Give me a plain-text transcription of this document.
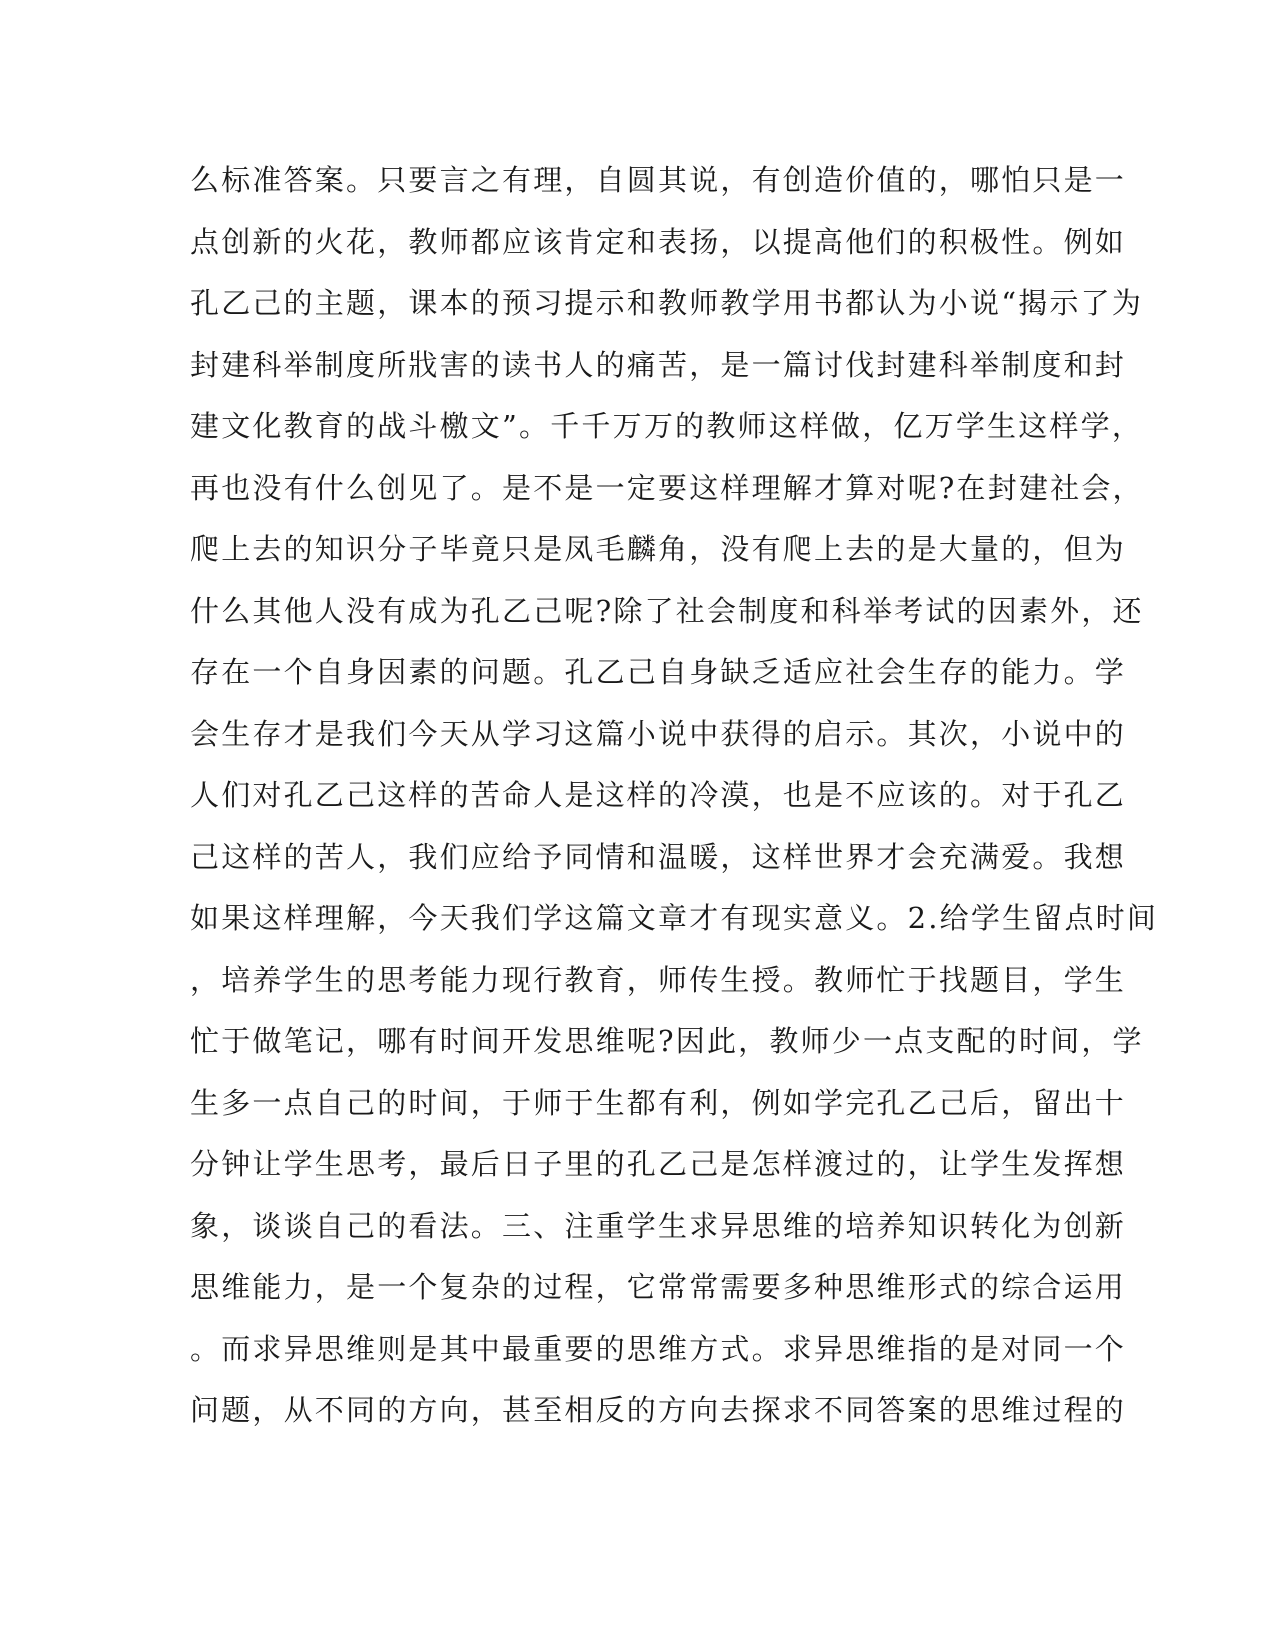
么标准答案。只要言之有理，自圆其说，有创造价值的，哪怕只是一
点创新的火花，教师都应该肯定和表扬，以提高他们的积极性。例如
孔乙己的主题，课本的预习提示和教师教学用书都认为小说“揭示了为
封建科举制度所戕害的读书人的痛苦，是一篇讨伐封建科举制度和封
建文化教育的战斗檄文”。千千万万的教师这样做，亿万学生这样学，
再也没有什么创见了。是不是一定要这样理解才算对呢?在封建社会，
爬上去的知识分子毕竟只是凤毛麟角，没有爬上去的是大量的，但为
什么其他人没有成为孔乙己呢?除了社会制度和科举考试的因素外，还
存在一个自身因素的问题。孔乙己自身缺乏适应社会生存的能力。学
会生存才是我们今天从学习这篇小说中获得的启示。其次，小说中的
人们对孔乙己这样的苦命人是这样的冷漠，也是不应该的。对于孔乙
己这样的苦人，我们应给予同情和温暖，这样世界才会充满爱。我想
如果这样理解，今天我们学这篇文章才有现实意义。2.给学生留点时间
，培养学生的思考能力现行教育，师传生授。教师忙于找题目，学生
忙于做笔记，哪有时间开发思维呢?因此，教师少一点支配的时间，学
生多一点自己的时间，于师于生都有利，例如学完孔乙己后，留出十
分钟让学生思考，最后日子里的孔乙己是怎样渡过的，让学生发挥想
象，谈谈自己的看法。三、注重学生求异思维的培养知识转化为创新
思维能力，是一个复杂的过程，它常常需要多种思维形式的综合运用
。而求异思维则是其中最重要的思维方式。求异思维指的是对同一个
问题，从不同的方向，甚至相反的方向去探求不同答案的思维过程的
